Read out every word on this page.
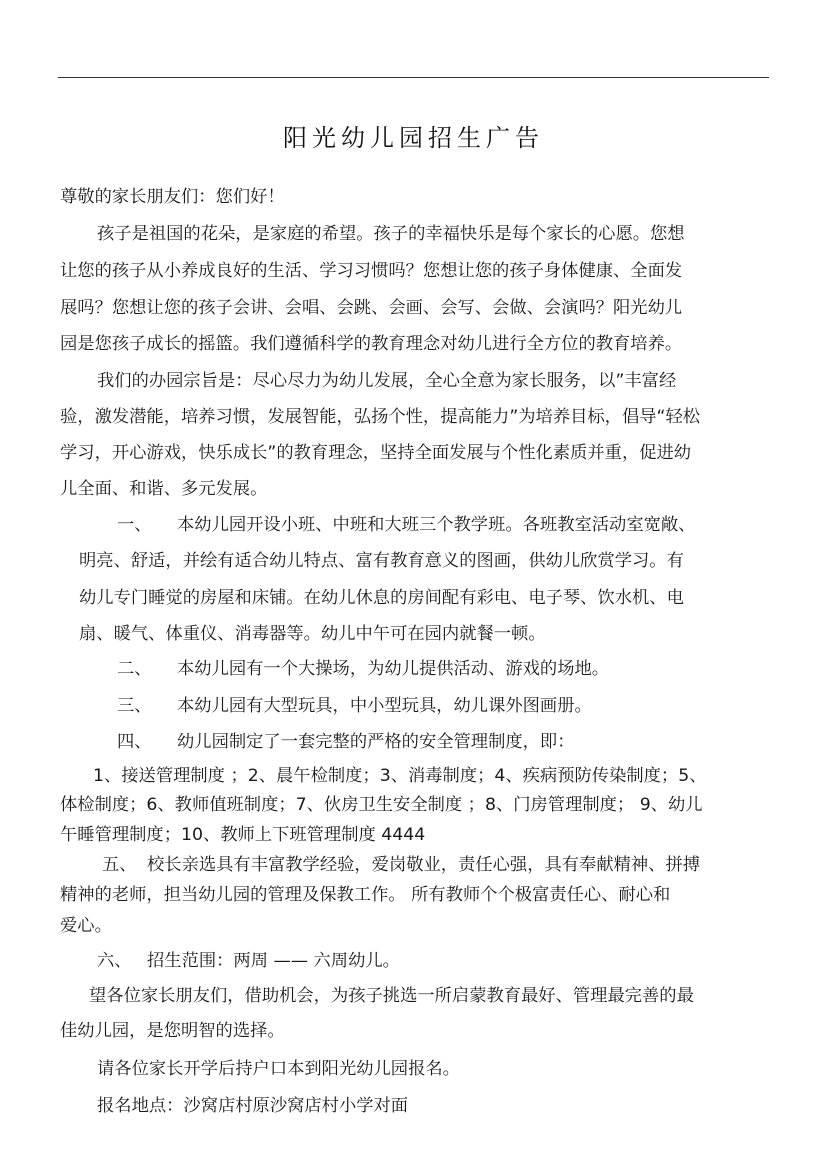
阳光幼儿园招生广告
尊敬的家长朋友们：您们好！
孩子是祖国的花朵，是家庭的希望。孩子的幸福快乐是每个家长的心愿。您想
让您的孩子从小养成良好的生活、学习习惯吗？您想让您的孩子身体健康、全面发
展吗？您想让您的孩子会讲、会唱、会跳、会画、会写、会做、会演吗？阳光幼儿
园是您孩子成长的摇篮。我们遵循科学的教育理念对幼儿进行全方位的教育培养。
我们的办园宗旨是：尽心尽力为幼儿发展，全心全意为家长服务，以”丰富经
验，激发潜能，培养习惯，发展智能，弘扬个性，提高能力”为培养目标，倡导“轻松
学习，开心游戏，快乐成长”的教育理念，坚持全面发展与个性化素质并重，促进幼
儿全面、和谐、多元发展。
一、 本幼儿园开设小班、中班和大班三个教学班。各班教室活动室宽敞、
明亮、舒适，并绘有适合幼儿特点、富有教育意义的图画，供幼儿欣赏学习。有
幼儿专门睡觉的房屋和床铺。在幼儿休息的房间配有彩电、电子琴、饮水机、电
扇、暖气、体重仪、消毒器等。幼儿中午可在园内就餐一顿。
二、 本幼儿园有一个大操场，为幼儿提供活动、游戏的场地。
三、 本幼儿园有大型玩具，中小型玩具，幼儿课外图画册。
四、 幼儿园制定了一套完整的严格的安全管理制度，即：
1、接送管理制度 ；2、晨午检制度；3、消毒制度；4、疾病预防传染制度；5、
体检制度；6、教师值班制度；7、伙房卫生安全制度 ；8、门房管理制度； 9、幼儿
午睡管理制度；10、教师上下班管理制度 4444
五、 校长亲选具有丰富教学经验，爱岗敬业，责任心强，具有奉献精神、拼搏
精神的老师，担当幼儿园的管理及保教工作。 所有教师个个极富责任心、耐心和
爱心。
六、 招生范围：两周 —— 六周幼儿。
望各位家长朋友们，借助机会，为孩子挑选一所启蒙教育最好、管理最完善的最
佳幼儿园，是您明智的选择。
请各位家长开学后持户口本到阳光幼儿园报名。
报名地点：沙窝店村原沙窝店村小学对面
